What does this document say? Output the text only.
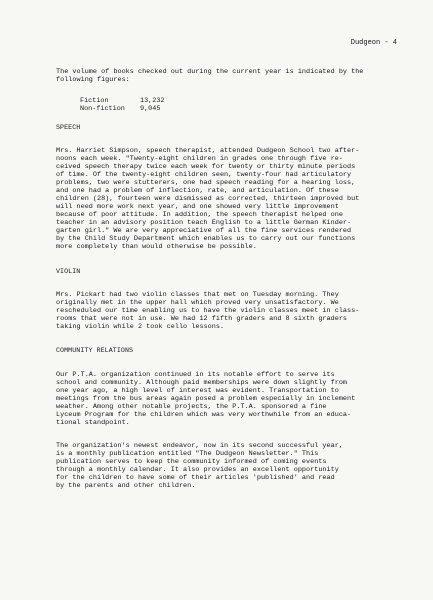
Dudgeon - 4
The volume of books checked out during the current year is indicated by the
following figures:
Fiction	13,232
Non-fiction 9,045
SPEECH
Mrs. Harriet Simpson, speech therapist, attended Dudgeon School two after-
noons each week. "Twenty-eight children in grades one through five re-
ceived speech therapy twice each week for twenty or thirty minute periods
of time. Of the twenty-eight children seen, twenty-four had articulatory
problems, two were stutterers, one had speech reading for a hearing loss,
and one had a problem of inflection, rate, and articulation. Of these
children (28), fourteen were dismissed as corrected, thirteen improved but
will need more work next year, and one showed very little improvement
because of poor attitude. In addition, the speech therapist helped one
teacher in an advisory position teach English to a little German Kinder-
garten girl." We are very appreciative of all the fine services rendered
by the Child Study Department which enables us to carry out our functions
more completely than would otherwise be possible.
VIOLIN
Mrs. Pickart had two violin classes that met on Tuesday morning. They
originally met in the upper hall which proved very unsatisfactory. We
rescheduled our time enabling us to have the violin classes meet in class-
rooms that were not in use. We had 12 fifth graders and 8 sixth graders
taking violin while 2 took cello lessons.
COMMUNITY RELATIONS
Our P.T.A. organization continued in its notable effort to serve its
school and community. Although paid memberships were down slightly from
one year ago, a high level of interest was evident. Transportation to
meetings from the bus areas again posed a problem especially in inclement
weather. Among other notable projects, the P.T.A. sponsored a fine
Lyceum Program for the children which was very worthwhile from an educa-
tional standpoint.
The organization's newest endeavor, now in its second successful year,
is a monthly publication entitled "The Dudgeon Newsletter." This
publication serves to keep the community informed of coming events
through a monthly calendar. It also provides an excellent opportunity
for the children to have some of their articles 'published' and read
by the parents and other children.
